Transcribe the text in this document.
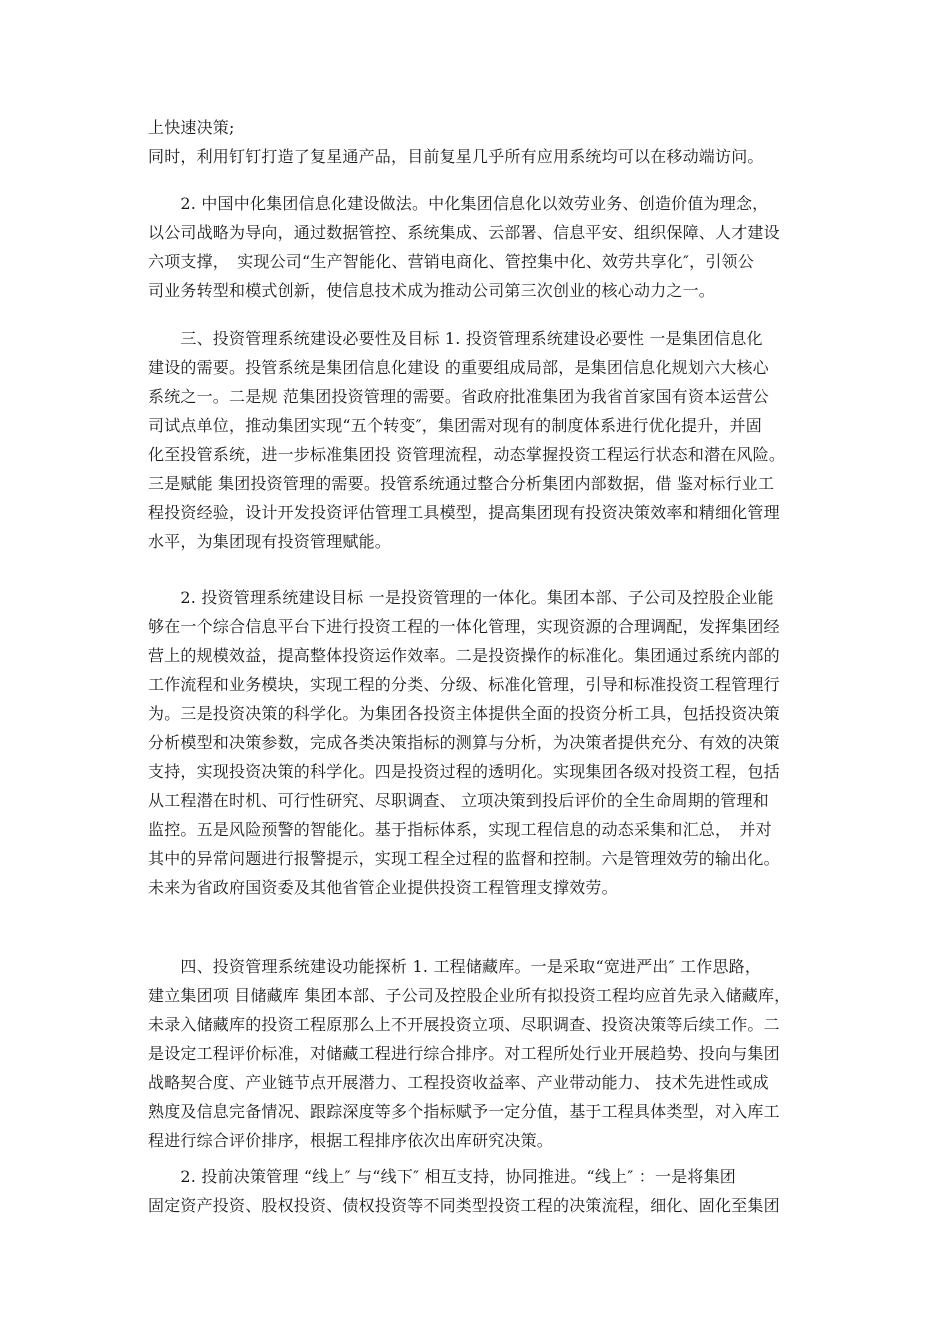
上快速决策;
同时，利用钉钉打造了复星通产品，目前复星几乎所有应用系统均可以在移动端访问。
　　2. 中国中化集团信息化建设做法。中化集团信息化以效劳业务、创造价值为理念，
以公司战略为导向，通过数据管控、系统集成、云部署、信息平安、组织保障、人才建设
六项支撑，　实现公司“生产智能化、营销电商化、管控集中化、效劳共享化″，引领公
司业务转型和模式创新，使信息技术成为推动公司第三次创业的核心动力之一。
　　三、投资管理系统建设必要性及目标 1. 投资管理系统建设必要性 一是集团信息化
建设的需要。投管系统是集团信息化建设 的重要组成局部，是集团信息化规划六大核心
系统之一。二是规 范集团投资管理的需要。省政府批准集团为我省首家国有资本运营公
司试点单位，推动集团实现“五个转变″，集团需对现有的制度体系进行优化提升，并固
化至投管系统，进一步标准集团投 资管理流程，动态掌握投资工程运行状态和潜在风险。
三是赋能 集团投资管理的需要。投管系统通过整合分析集团内部数据，借 鉴对标行业工
程投资经验，设计开发投资评估管理工具模型，提高集团现有投资决策效率和精细化管理
水平，为集团现有投资管理赋能。
　　2. 投资管理系统建设目标 一是投资管理的一体化。集团本部、子公司及控股企业能
够在一个综合信息平台下进行投资工程的一体化管理，实现资源的合理调配，发挥集团经
营上的规模效益，提高整体投资运作效率。二是投资操作的标准化。集团通过系统内部的
工作流程和业务模块，实现工程的分类、分级、标准化管理，引导和标准投资工程管理行
为。三是投资决策的科学化。为集团各投资主体提供全面的投资分析工具，包括投资决策
分析模型和决策参数，完成各类决策指标的测算与分析，为决策者提供充分、有效的决策
支持，实现投资决策的科学化。四是投资过程的透明化。实现集团各级对投资工程，包括
从工程潜在时机、可行性研究、尽职调查、 立项决策到投后评价的全生命周期的管理和
监控。五是风险预警的智能化。基于指标体系，实现工程信息的动态采集和汇总，　并对
其中的异常问题进行报警提示，实现工程全过程的监督和控制。六是管理效劳的输出化。
未来为省政府国资委及其他省管企业提供投资工程管理支撑效劳。
　　四、投资管理系统建设功能探析 1. 工程储藏库。一是采取“宽进严出″ 工作思路，
建立集团项 目储藏库 集团本部、子公司及控股企业所有拟投资工程均应首先录入储藏库，
未录入储藏库的投资工程原那么上不开展投资立项、尽职调查、投资决策等后续工作。二
是设定工程评价标准，对储藏工程进行综合排序。对工程所处行业开展趋势、投向与集团
战略契合度、产业链节点开展潜力、工程投资收益率、产业带动能力、 技术先进性或成
熟度及信息完备情况、跟踪深度等多个指标赋予一定分值，基于工程具体类型，对入库工
程进行综合评价排序，根据工程排序依次出库研究决策。
　　2. 投前决策管理 “线上″ 与“线下″ 相互支持，协同推进。“线上″ ：一是将集团
固定资产投资、股权投资、债权投资等不同类型投资工程的决策流程，细化、固化至集团
